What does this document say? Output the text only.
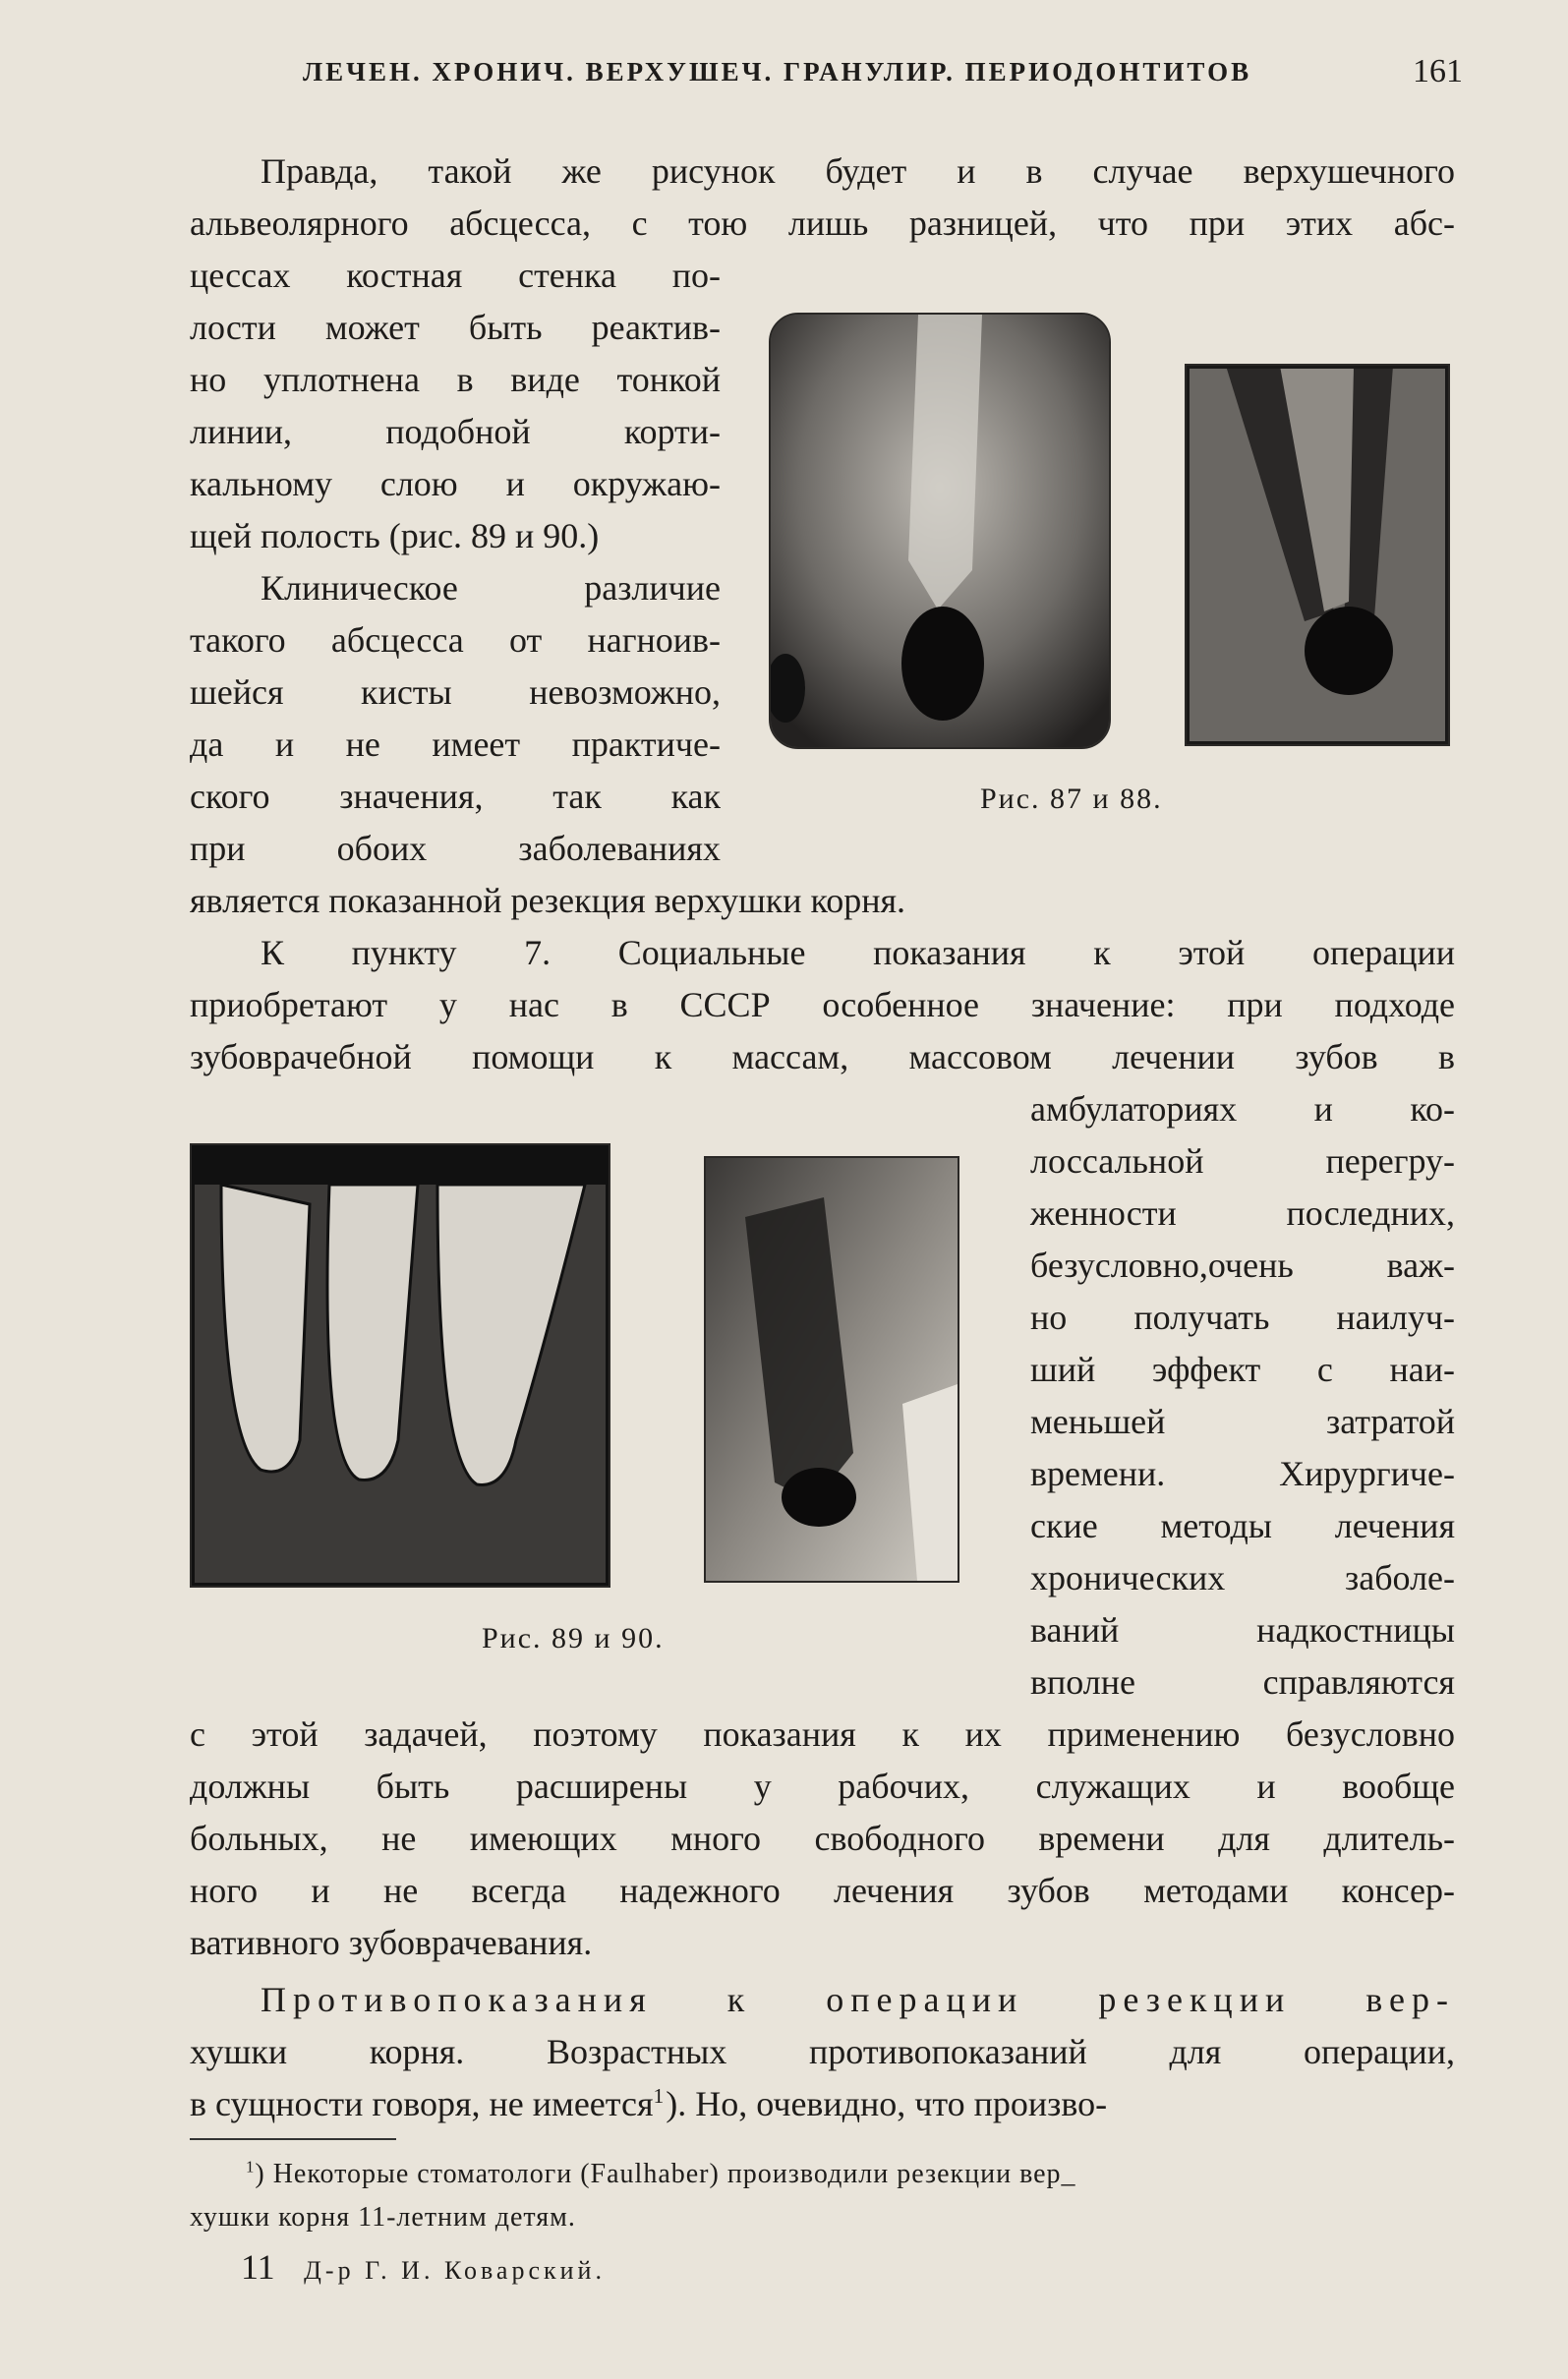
ЛЕЧЕН. ХРОНИЧ. ВЕРХУШЕЧ. ГРАНУЛИР. ПЕРИОДОНТИТОВ	161
Правда, такой же рисунок будет и в случае верхушечного
альвеолярного абсцесса, с тою лишь разницей, что при этих абс-
цессах костная стенка по-
лости может быть реактив-
но уплотнена в виде тонкой
линии, подобной корти-
кальному слою и окружаю-
щей полость (рис. 89 и 90.)
Клиническое различие
такого абсцесса от нагноив-
шейся кисты невозможно,
да и не имеет практиче-
ского значения, так как
при обоих заболеваниях
является показанной резекция верхушки корня.
Рис. 87 и 88.
К пункту 7. Социальные показания к этой операции
приобретают у нас в СССР особенное значение: при подходе
зубоврачебной помощи к массам, массовом лечении зубов в
амбулаториях и ко-
лоссальной перегру-
женности последних,
безусловно,очень важ-
но получать наилуч-
ший эффект с наи-
меньшей затратой
времени. Хирургиче-
ские методы лечения
хронических заболе-
ваний надкостницы
вполне справляются
с этой задачей, поэтому показания к их применению безусловно
должны быть расширены у рабочих, служащих и вообще
больных, не имеющих много свободного времени для длитель-
ного и не всегда надежного лечения зубов методами консер-
вативного зубоврачевания.
Рис. 89 и 90.
Противопоказания к операции резекции вер-
хушки корня. Возрастных противопоказаний для операции,
в сущности говоря, не имеется$^1$). Но, очевидно, что произво-
$^1$) Некоторые стоматологи (Faulhaber) производили резекции вер_
хушки корня 11-летним детям.
11 Д-р Г. И. Коварский.
